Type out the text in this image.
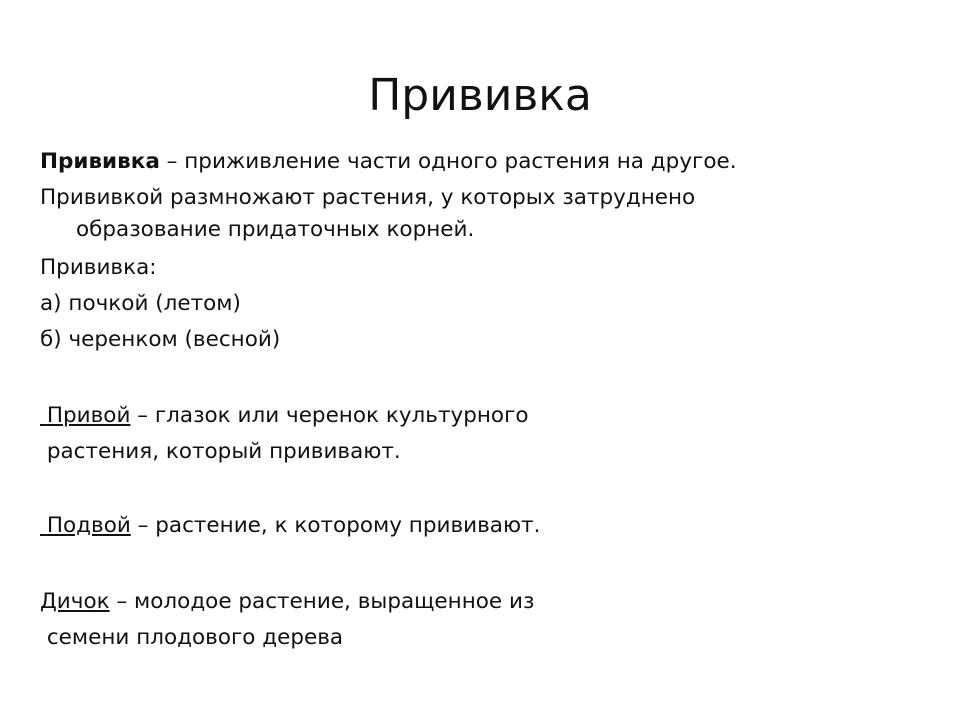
Прививка
Прививка – приживление части одного растения на другое.
Прививкой размножают растения, у которых затруднено
образование придаточных корней.
Прививка:
а) почкой (летом)
б) черенком (весной)
Привой – глазок или черенок культурного
растения, который прививают.
Подвой – растение, к которому прививают.
Дичок – молодое растение, выращенное из
семени плодового дерева
